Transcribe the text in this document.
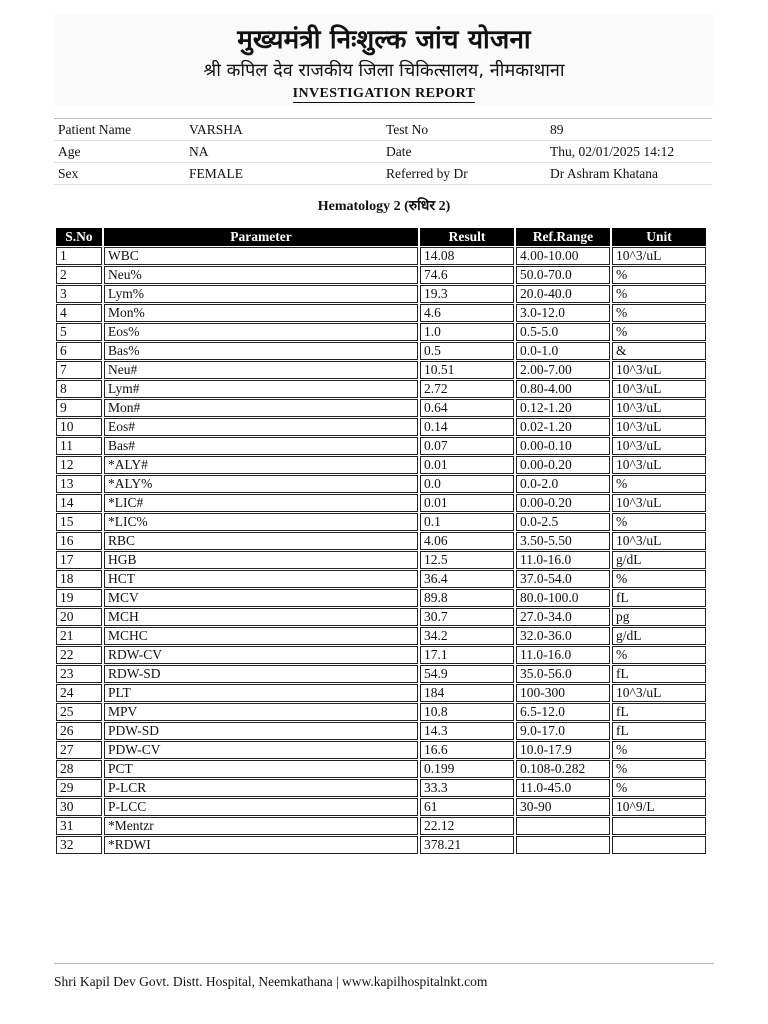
मुख्यमंत्री निःशुल्क जांच योजना
श्री कपिल देव राजकीय जिला चिकित्सालय, नीमकाथाना
INVESTIGATION REPORT
Patient Name	VARSHA	Test No	89
Age	NA	Date	Thu, 02/01/2025 14:12
Sex	FEMALE	Referred by Dr	Dr Ashram Khatana
Hematology 2 (रुधिर 2)
S.No	Parameter	Result	Ref.Range	Unit
1	WBC	14.08	4.00-10.00	10^3/uL
2	Neu%	74.6	50.0-70.0	%
3	Lym%	19.3	20.0-40.0	%
4	Mon%	4.6	3.0-12.0	%
5	Eos%	1.0	0.5-5.0	%
6	Bas%	0.5	0.0-1.0	&
7	Neu#	10.51	2.00-7.00	10^3/uL
8	Lym#	2.72	0.80-4.00	10^3/uL
9	Mon#	0.64	0.12-1.20	10^3/uL
10	Eos#	0.14	0.02-1.20	10^3/uL
11	Bas#	0.07	0.00-0.10	10^3/uL
12	*ALY#	0.01	0.00-0.20	10^3/uL
13	*ALY%	0.0	0.0-2.0	%
14	*LIC#	0.01	0.00-0.20	10^3/uL
15	*LIC%	0.1	0.0-2.5	%
16	RBC	4.06	3.50-5.50	10^3/uL
17	HGB	12.5	11.0-16.0	g/dL
18	HCT	36.4	37.0-54.0	%
19	MCV	89.8	80.0-100.0	fL
20	MCH	30.7	27.0-34.0	pg
21	MCHC	34.2	32.0-36.0	g/dL
22	RDW-CV	17.1	11.0-16.0	%
23	RDW-SD	54.9	35.0-56.0	fL
24	PLT	184	100-300	10^3/uL
25	MPV	10.8	6.5-12.0	fL
26	PDW-SD	14.3	9.0-17.0	fL
27	PDW-CV	16.6	10.0-17.9	%
28	PCT	0.199	0.108-0.282	%
29	P-LCR	33.3	11.0-45.0	%
30	P-LCC	61	30-90	10^9/L
31	*Mentzr	22.12		
32	*RDWI	378.21		
Shri Kapil Dev Govt. Distt. Hospital, Neemkathana | www.kapilhospitalnkt.com
